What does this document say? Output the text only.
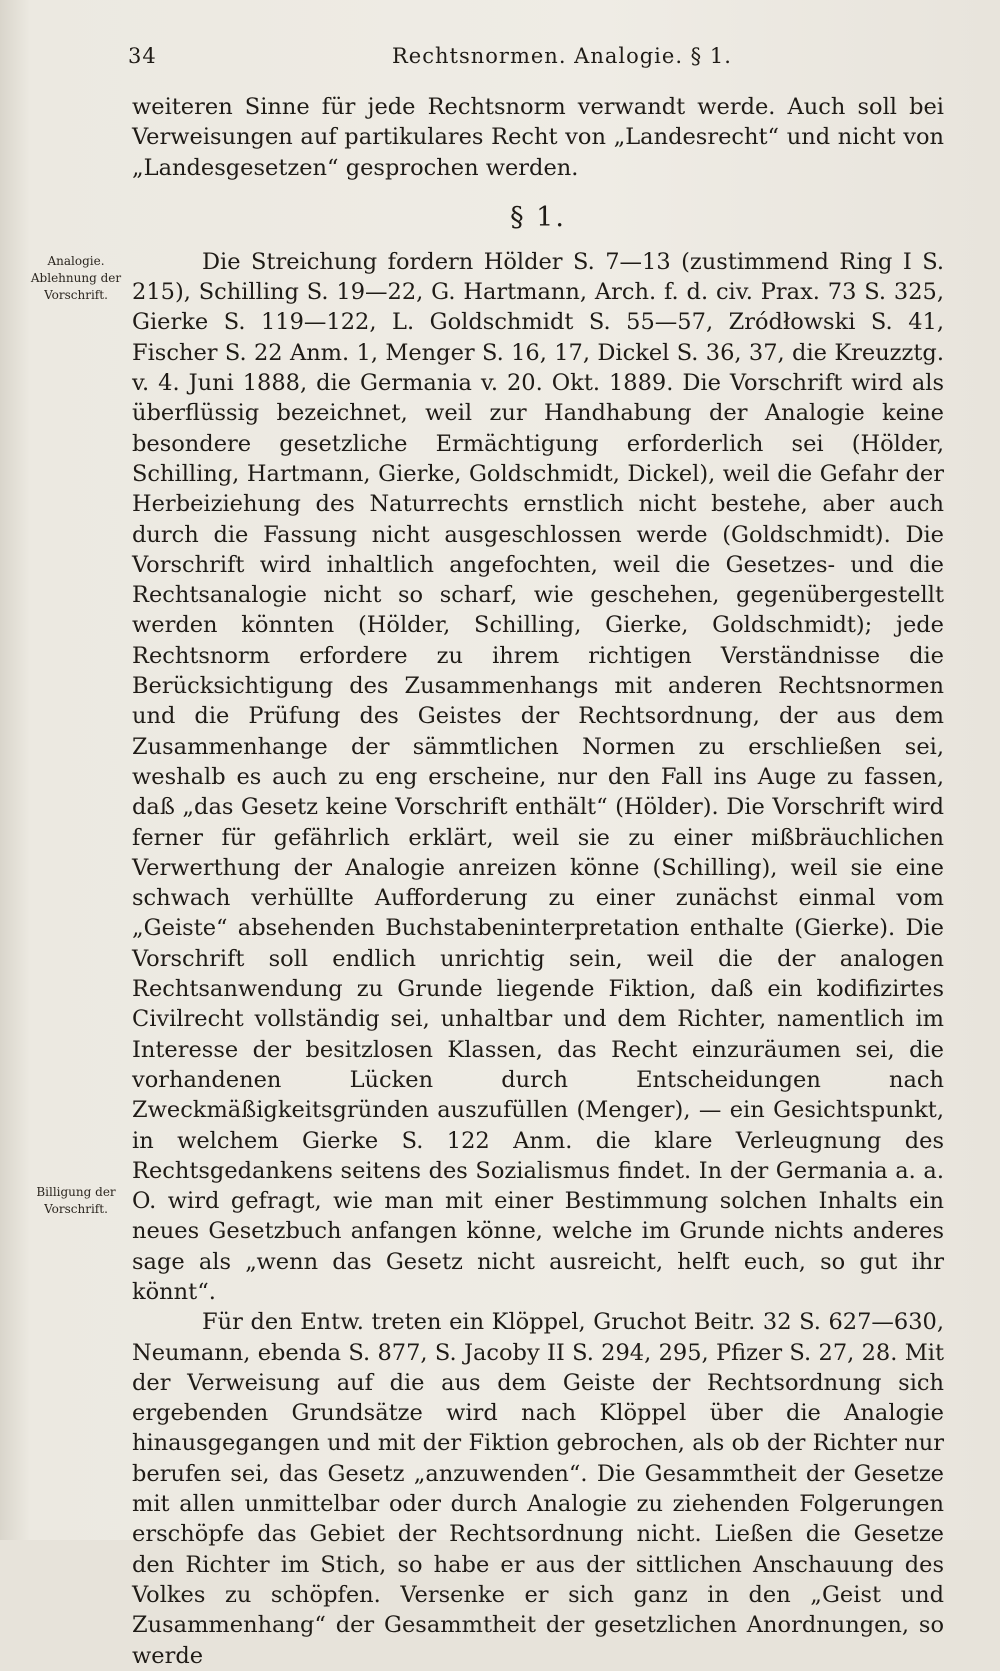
34	Rechtsnormen. Analogie. § 1.
Analogie. Ablehnung der Vorschrift.
Billigung der Vorschrift.

weiteren Sinne für jede Rechtsnorm verwandt werde. Auch soll bei Verweisungen auf partikulares Recht von „Landesrecht“ und nicht von „Landesgesetzen“ gesprochen werden.

§ 1.

Die Streichung fordern Hölder S. 7—13 (zustimmend Ring I S. 215), Schilling S. 19—22, G. Hartmann, Arch. f. d. civ. Prax. 73 S. 325, Gierke S. 119—122, L. Goldschmidt S. 55—57, Zródłowski S. 41, Fischer S. 22 Anm. 1, Menger S. 16, 17, Dickel S. 36, 37, die Kreuzztg. v. 4. Juni 1888, die Germania v. 20. Okt. 1889. Die Vorschrift wird als überflüssig bezeichnet, weil zur Handhabung der Analogie keine besondere gesetzliche Ermächtigung erforderlich sei (Hölder, Schilling, Hartmann, Gierke, Goldschmidt, Dickel), weil die Gefahr der Herbeiziehung des Naturrechts ernstlich nicht bestehe, aber auch durch die Fassung nicht ausgeschlossen werde (Goldschmidt). Die Vorschrift wird inhaltlich angefochten, weil die Gesetzes- und die Rechtsanalogie nicht so scharf, wie geschehen, gegenübergestellt werden könnten (Hölder, Schilling, Gierke, Goldschmidt); jede Rechtsnorm erfordere zu ihrem richtigen Verständnisse die Berücksichtigung des Zusammenhangs mit anderen Rechtsnormen und die Prüfung des Geistes der Rechtsordnung, der aus dem Zusammenhange der sämmtlichen Normen zu erschließen sei, weshalb es auch zu eng erscheine, nur den Fall ins Auge zu fassen, daß „das Gesetz keine Vorschrift enthält“ (Hölder). Die Vorschrift wird ferner für gefährlich erklärt, weil sie zu einer mißbräuchlichen Verwerthung der Analogie anreizen könne (Schilling), weil sie eine schwach verhüllte Aufforderung zu einer zunächst einmal vom „Geiste“ absehenden Buchstabeninterpretation enthalte (Gierke). Die Vorschrift soll endlich unrichtig sein, weil die der analogen Rechtsanwendung zu Grunde liegende Fiktion, daß ein kodifizirtes Civilrecht vollständig sei, unhaltbar und dem Richter, namentlich im Interesse der besitzlosen Klassen, das Recht einzuräumen sei, die vorhandenen Lücken durch Entscheidungen nach Zweckmäßigkeitsgründen auszufüllen (Menger), — ein Gesichtspunkt, in welchem Gierke S. 122 Anm. die klare Verleugnung des Rechtsgedankens seitens des Sozialismus findet. In der Germania a. a. O. wird gefragt, wie man mit einer Bestimmung solchen Inhalts ein neues Gesetzbuch anfangen könne, welche im Grunde nichts anderes sage als „wenn das Gesetz nicht ausreicht, helft euch, so gut ihr könnt“.

Für den Entw. treten ein Klöppel, Gruchot Beitr. 32 S. 627—630, Neumann, ebenda S. 877, S. Jacoby II S. 294, 295, Pfizer S. 27, 28. Mit der Verweisung auf die aus dem Geiste der Rechtsordnung sich ergebenden Grundsätze wird nach Klöppel über die Analogie hinausgegangen und mit der Fiktion gebrochen, als ob der Richter nur berufen sei, das Gesetz „anzuwenden“. Die Gesammtheit der Gesetze mit allen unmittelbar oder durch Analogie zu ziehenden Folgerungen erschöpfe das Gebiet der Rechtsordnung nicht. Ließen die Gesetze den Richter im Stich, so habe er aus der sittlichen Anschauung des Volkes zu schöpfen. Versenke er sich ganz in den „Geist und Zusammenhang“ der Gesammtheit der gesetzlichen Anordnungen, so werde
